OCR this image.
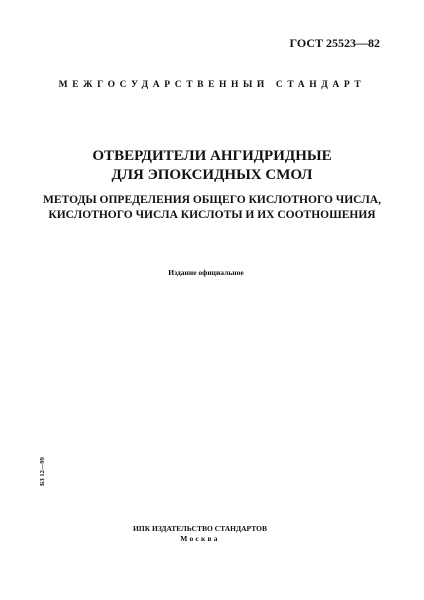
ГОСТ 25523—82
МЕЖГОСУДАРСТВЕННЫЙ СТАНДАРТ
ОТВЕРДИТЕЛИ АНГИДРИДНЫЕ
ДЛЯ ЭПОКСИДНЫХ СМОЛ
МЕТОДЫ ОПРЕДЕЛЕНИЯ ОБЩЕГО КИСЛОТНОГО ЧИСЛА,
КИСЛОТНОГО ЧИСЛА КИСЛОТЫ И ИХ СООТНОШЕНИЯ
Издание официальное
БЗ 12—99
ИПК ИЗДАТЕЛЬСТВО СТАНДАРТОВ
Москва
